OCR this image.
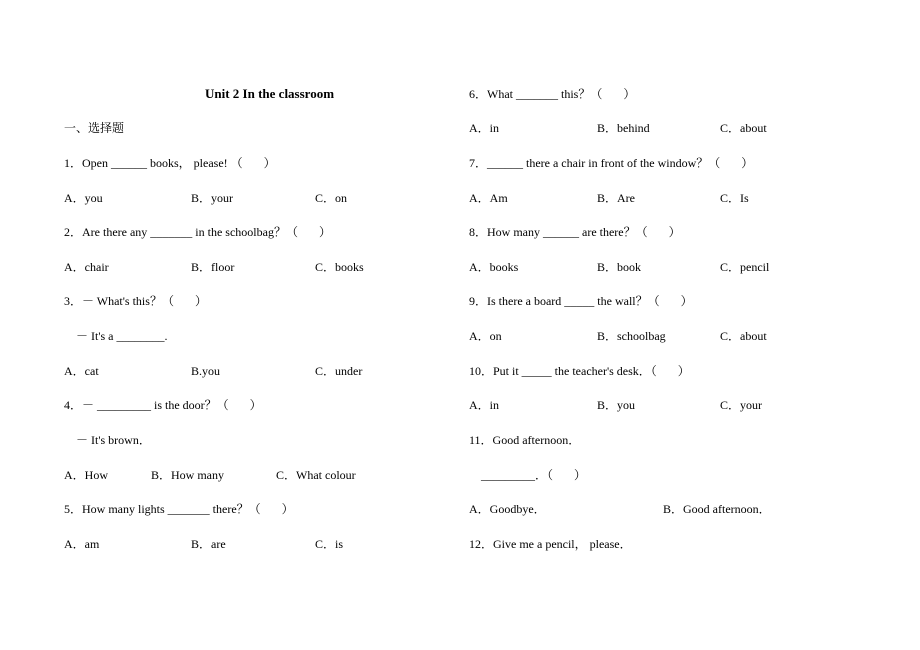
Unit 2 In the classroom
一、选择题
1．Open ______ books， please! （       ）
A．you	B．your	C．on
2．Are there any _______ in the schoolbag？（       ）
A．chair	B．floor	C．books
3．－ What's this？（       ）
－ It's a ________.
A．cat	B.you	C．under
4．－ _________ is the door？（       ）
－ It's brown．
A．How	B．How many	C．What colour
5．How many lights _______ there？（       ）
A．am	B．are	C．is
6．What _______ this？（       ）
A．in	B．behind	C．about
7．______ there a chair in front of the window？（       ）
A．Am	B．Are	C．Is
8．How many ______ are there？（       ）
A．books	B．book	C．pencil
9．Is there a board _____ the wall？（       ）
A．on	B．schoolbag	C．about
10．Put it _____ the teacher's desk．（       ）
A．in	B．you	C．your
11．Good afternoon．
_________．（       ）
A．Goodbye．	B．Good afternoon．
12．Give me a pencil， please．
